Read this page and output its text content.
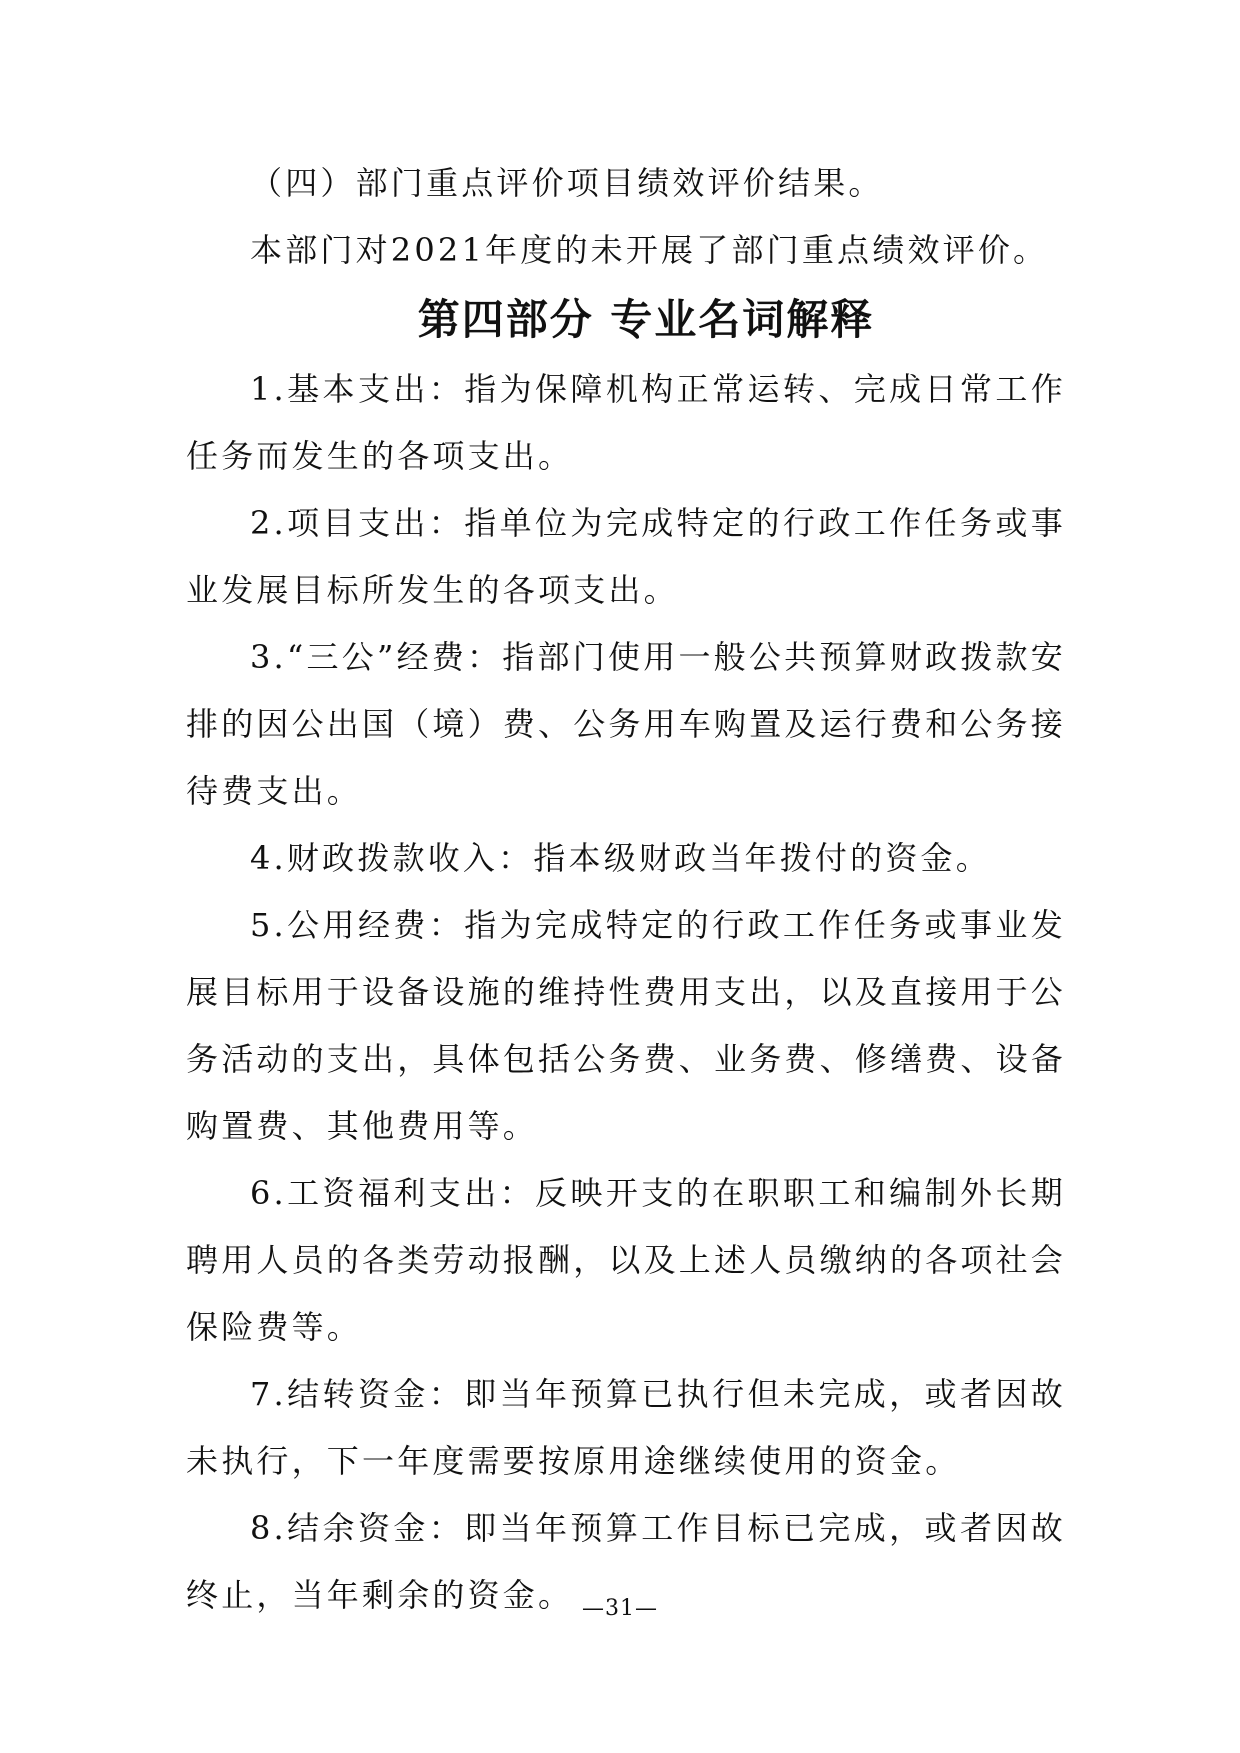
（四）部门重点评价项目绩效评价结果。

本部门对2021年度的未开展了部门重点绩效评价。

第四部分 专业名词解释

1.基本支出：指为保障机构正常运转、完成日常工作任务而发生的各项支出。

2.项目支出：指单位为完成特定的行政工作任务或事业发展目标所发生的各项支出。

3.“三公”经费：指部门使用一般公共预算财政拨款安排的因公出国（境）费、公务用车购置及运行费和公务接待费支出。

4.财政拨款收入：指本级财政当年拨付的资金。

5.公用经费：指为完成特定的行政工作任务或事业发展目标用于设备设施的维持性费用支出，以及直接用于公务活动的支出，具体包括公务费、业务费、修缮费、设备购置费、其他费用等。

6.工资福利支出：反映开支的在职职工和编制外长期聘用人员的各类劳动报酬，以及上述人员缴纳的各项社会保险费等。

7.结转资金：即当年预算已执行但未完成，或者因故未执行，下一年度需要按原用途继续使用的资金。

8.结余资金：即当年预算工作目标已完成，或者因故终止，当年剩余的资金。 —31—
